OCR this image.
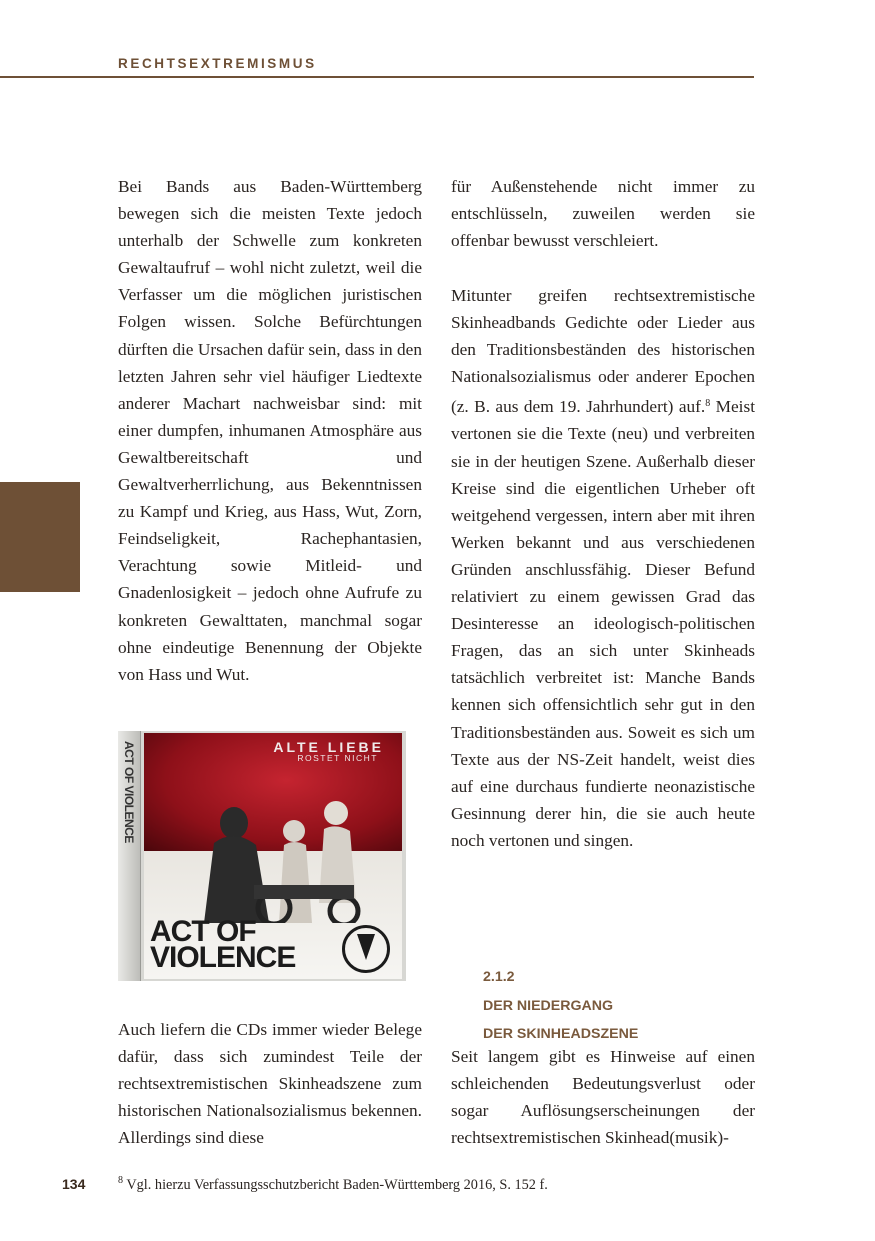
RECHTSEXTREMISMUS

Bei Bands aus Baden-Württemberg bewegen sich die meisten Texte jedoch unterhalb der Schwelle zum konkreten Gewaltaufruf – wohl nicht zuletzt, weil die Verfasser um die möglichen juristischen Folgen wissen. Solche Befürchtungen dürften die Ursachen dafür sein, dass in den letzten Jahren sehr viel häufiger Liedtexte anderer Machart nachweisbar sind: mit einer dumpfen, inhumanen Atmosphäre aus Gewaltbereitschaft und Gewaltverherrlichung, aus Bekenntnissen zu Kampf und Krieg, aus Hass, Wut, Zorn, Feindseligkeit, Rachephantasien, Verachtung sowie Mitleid- und Gnadenlosigkeit – jedoch ohne Aufrufe zu konkreten Gewalttaten, manchmal sogar ohne eindeutige Benennung der Objekte von Hass und Wut.

ACT OF VIOLENCE	ALTE LIEBE
ROSTET NICHT
ACT OF
VIOLENCE

Auch liefern die CDs immer wieder Belege dafür, dass sich zumindest Teile der rechtsextremistischen Skinheadszene zum historischen Nationalsozialismus bekennen. Allerdings sind diese

für Außenstehende nicht immer zu entschlüsseln, zuweilen werden sie offenbar bewusst verschleiert.

Mitunter greifen rechtsextremistische Skinheadbands Gedichte oder Lieder aus den Traditionsbeständen des historischen Nationalsozialismus oder anderer Epochen (z. B. aus dem 19. Jahrhundert) auf.$^8$ Meist vertonen sie die Texte (neu) und verbreiten sie in der heutigen Szene. Außerhalb dieser Kreise sind die eigentlichen Urheber oft weitgehend vergessen, intern aber mit ihren Werken bekannt und aus verschiedenen Gründen anschlussfähig. Dieser Befund relativiert zu einem gewissen Grad das Desinteresse an ideologisch-politischen Fragen, das an sich unter Skinheads tatsächlich verbreitet ist: Manche Bands kennen sich offensichtlich sehr gut in den Traditionsbeständen aus. Soweit es sich um Texte aus der NS-Zeit handelt, weist dies auf eine durchaus fundierte neonazistische Gesinnung derer hin, die sie auch heute noch vertonen und singen.

2.1.2
DER NIEDERGANG
DER SKINHEADSZENE

Seit langem gibt es Hinweise auf einen schleichenden Bedeutungsverlust oder sogar Auflösungserscheinungen der rechtsextremistischen Skinhead(musik)-

134	$^8$ Vgl. hierzu Verfassungsschutzbericht Baden-Württemberg 2016, S. 152 f.
